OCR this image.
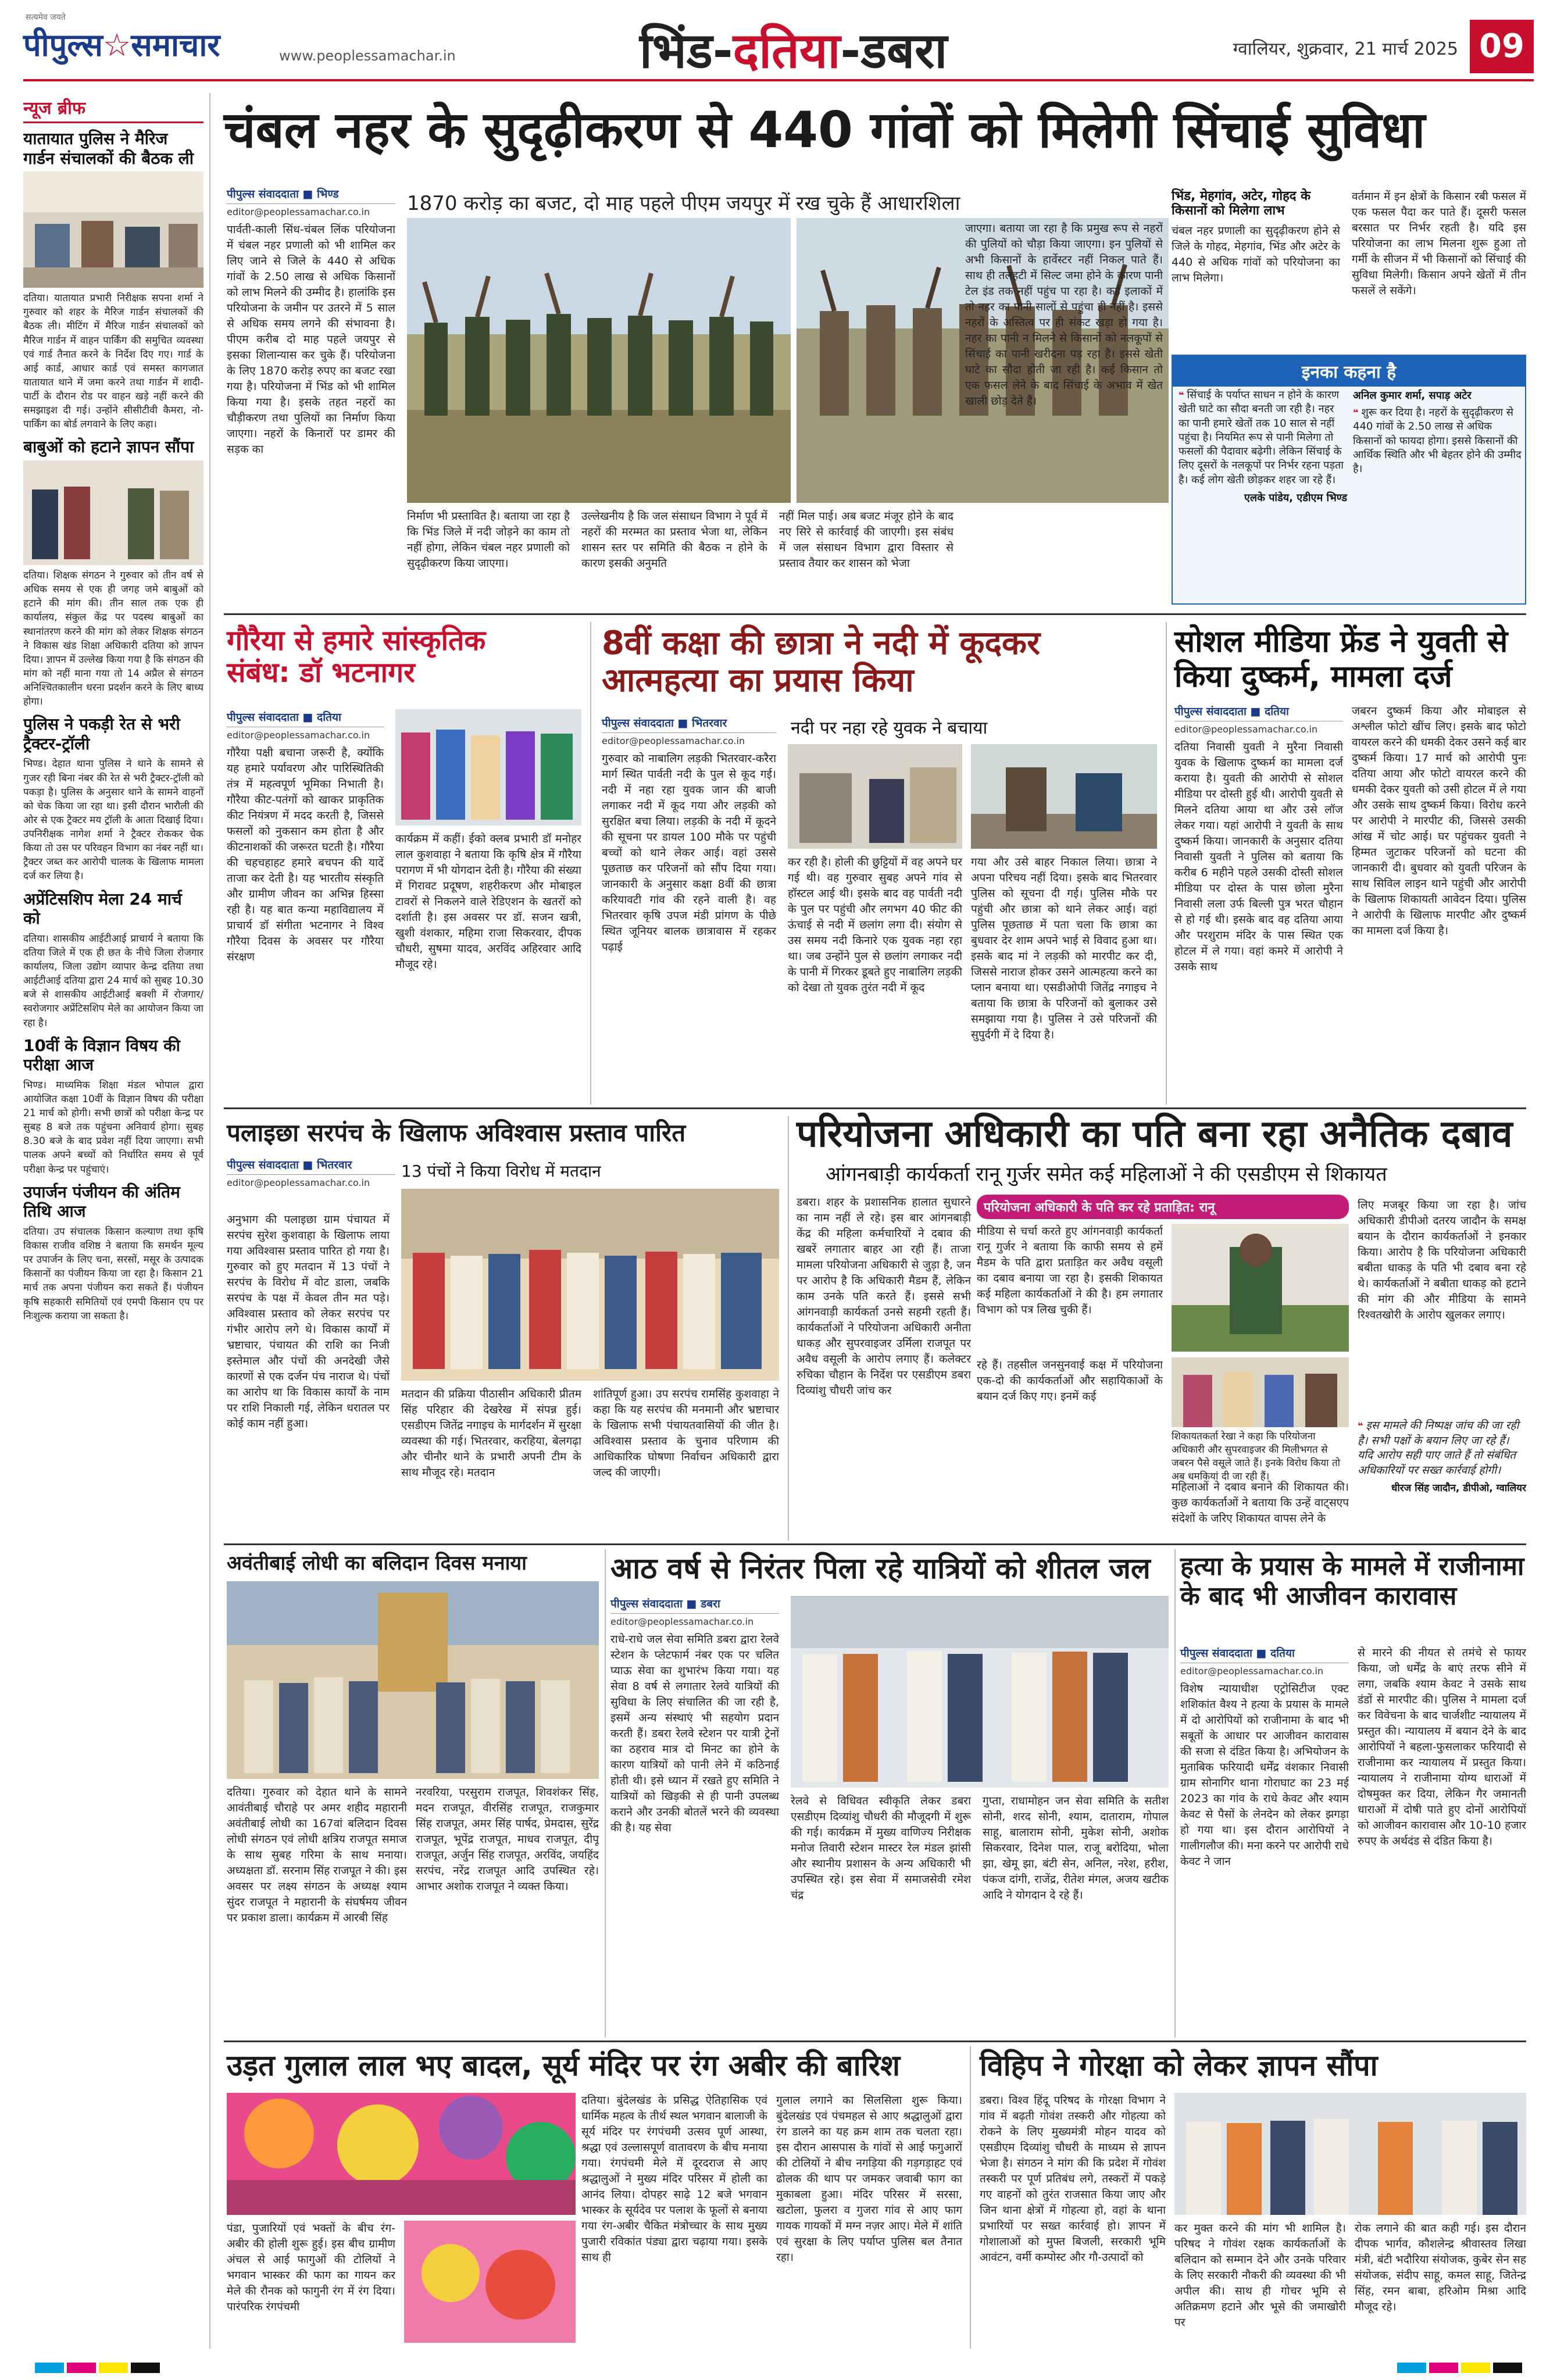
सत्यमेव जयते
पीपुल्स☆समाचार	www.peoplessamachar.in	भिंड-दतिया-डबरा	ग्वालियर, शुक्रवार, 21 मार्च 2025 09
न्यूज ब्रीफ
यातायात पुलिस ने मैरिज गार्डन संचालकों की बैठक ली
दतिया। यातायात प्रभारी निरीक्षक सपना शर्मा ने गुरुवार को शहर के मैरिज गार्डन संचालकों की बैठक ली। मीटिंग में मैरिज गार्डन संचालकों को मैरिज गार्डन में वाहन पार्किंग की समुचित व्यवस्था एवं गार्ड तैनात करने के निर्देश दिए गए। गार्ड के आई कार्ड, आधार कार्ड एवं समस्त कागजात यातायात थाने में जमा करने तथा गार्डन में शादी-पार्टी के दौरान रोड पर वाहन खड़े नहीं करने की समझाइश दी गई। उन्होंने सीसीटीवी कैमरा, नो-पार्किंग का बोर्ड लगवाने के लिए कहा।
बाबुओं को हटाने ज्ञापन सौंपा
दतिया। शिक्षक संगठन ने गुरुवार को तीन वर्ष से अधिक समय से एक ही जगह जमे बाबुओं को हटाने की मांग की। तीन साल तक एक ही कार्यालय, संकुल केंद्र पर पदस्थ बाबुओं का स्थानांतरण करने की मांग को लेकर शिक्षक संगठन ने विकास खंड शिक्षा अधिकारी दतिया को ज्ञापन दिया। ज्ञापन में उल्लेख किया गया है कि संगठन की मांग को नहीं माना गया तो 14 अप्रैल से संगठन अनिश्चितकालीन धरना प्रदर्शन करने के लिए बाध्य होगा।
पुलिस ने पकड़ी रेत से भरी ट्रैक्टर-ट्रॉली
भिण्ड। देहात थाना पुलिस ने थाने के सामने से गुजर रही बिना नंबर की रेत से भरी ट्रैक्टर-ट्रॉली को पकड़ा है। पुलिस के अनुसार थाने के सामने वाहनों को चेक किया जा रहा था। इसी दौरान भारौली की ओर से एक ट्रैक्टर मय ट्रॉली के आता दिखाई दिया। उपनिरीक्षक नागेश शर्मा ने ट्रैक्टर रोककर चेक किया तो उस पर परिवहन विभाग का नंबर नहीं था। ट्रैक्टर जब्त कर आरोपी चालक के खिलाफ मामला दर्ज कर लिया है।
अप्रेंटिसशिप मेला 24 मार्च को
दतिया। शासकीय आईटीआई प्राचार्य ने बताया कि दतिया जिले में एक ही छत के नीचे जिला रोजगार कार्यालय, जिला उद्योग व्यापार केन्द्र दतिया तथा आईटीआई दतिया द्वारा 24 मार्च को सुबह 10.30 बजे से शासकीय आईटीआई बक्शी में रोजगार/स्वरोजगार अप्रेंटिसशिप मेले का आयोजन किया जा रहा है।
10वीं के विज्ञान विषय की परीक्षा आज
भिण्ड। माध्यमिक शिक्षा मंडल भोपाल द्वारा आयोजित कक्षा 10वीं के विज्ञान विषय की परीक्षा 21 मार्च को होगी। सभी छात्रों को परीक्षा केन्द्र पर सुबह 8 बजे तक पहुंचना अनिवार्य होगा। सुबह 8.30 बजे के बाद प्रवेश नहीं दिया जाएगा। सभी पालक अपने बच्चों को निर्धारित समय से पूर्व परीक्षा केन्द्र पर पहुंचाएं।
उपार्जन पंजीयन की अंतिम तिथि आज
दतिया। उप संचालक किसान कल्याण तथा कृषि विकास राजीव वशिष्ठ ने बताया कि समर्थन मूल्य पर उपार्जन के लिए चना, सरसों, मसूर के उत्पादक किसानों का पंजीयन किया जा रहा है। किसान 21 मार्च तक अपना पंजीयन करा सकते हैं। पंजीयन कृषि सहकारी समितियों एवं एमपी किसान एप पर निःशुल्क कराया जा सकता है।
चंबल नहर के सुदृढ़ीकरण से 440 गांवों को मिलेगी सिंचाई सुविधा
पीपुल्स संवाददाता ■ भिण्ड
editor@peoplessamachar.co.in
पार्वती-काली सिंध-चंबल लिंक परियोजना में चंबल नहर प्रणाली को भी शामिल कर लिए जाने से जिले के 440 से अधिक गांवों के 2.50 लाख से अधिक किसानों को लाभ मिलने की उम्मीद है। हालांकि इस परियोजना के जमीन पर उतरने में 5 साल से अधिक समय लगने की संभावना है। पीएम करीब दो माह पहले जयपुर से इसका शिलान्यास कर चुके हैं। परियोजना के लिए 1870 करोड़ रुपए का बजट रखा गया है। परियोजना में भिंड को भी शामिल किया गया है। इसके तहत नहरों का चौड़ीकरण तथा पुलियों का निर्माण किया जाएगा। नहरों के किनारों पर डामर की सड़क का
1870 करोड़ का बजट, दो माह पहले पीएम जयपुर में रख चुके हैं आधारशिला
निर्माण भी प्रस्तावित है। बताया जा रहा है कि भिंड जिले में नदी जोड़ने का काम तो नहीं होगा, लेकिन चंबल नहर प्रणाली को सुदृढ़ीकरण किया जाएगा।
उल्लेखनीय है कि जल संसाधन विभाग ने पूर्व में नहरों की मरम्मत का प्रस्ताव भेजा था, लेकिन शासन स्तर पर समिति की बैठक न होने के कारण इसकी अनुमति
नहीं मिल पाई। अब बजट मंजूर होने के बाद नए सिरे से कार्रवाई की जाएगी। इस संबंध में जल संसाधन विभाग द्वारा विस्तार से प्रस्ताव तैयार कर शासन को भेजा
जाएगा। बताया जा रहा है कि प्रमुख रूप से नहरों की पुलियों को चौड़ा किया जाएगा। इन पुलियों से अभी किसानों के हार्वेस्टर नहीं निकल पाते हैं। साथ ही तलहटी में सिल्ट जमा होने के कारण पानी टेल इंड तक नहीं पहुंच पा रहा है। कई इलाकों में तो नहर का पानी सालों से पहुंचा ही नहीं है। इससे नहरों के अस्तित्व पर ही संकट खड़ा हो गया है। नहर का पानी न मिलने से किसानों को नलकूपों से सिंचाई का पानी खरीदना पड़ रहा है। इससे खेती घाटे का सौदा होती जा रही है। कई किसान तो एक फसल लेने के बाद सिंचाई के अभाव में खेत खाली छोड़ देते हैं।
भिंड, मेहगांव, अटेर, गोहद के किसानों को मिलेगा लाभ
चंबल नहर प्रणाली का सुदृढ़ीकरण होने से जिले के गोहद, मेहगांव, भिंड और अटेर के 440 से अधिक गांवों को परियोजना का लाभ मिलेगा।
वर्तमान में इन क्षेत्रों के किसान रबी फसल में एक फसल पैदा कर पाते हैं। दूसरी फसल बरसात पर निर्भर रहती है। यदि इस परियोजना का लाभ मिलना शुरू हुआ तो गर्मी के सीजन में भी किसानों को सिंचाई की सुविधा मिलेगी। किसान अपने खेतों में तीन फसलें ले सकेंगे।
इनका कहना है
❝ सिंचाई के पर्याप्त साधन न होने के कारण खेती घाटे का सौदा बनती जा रही है। नहर का पानी हमारे खेतों तक 10 साल से नहीं पहुंचा है। नियमित रूप से पानी मिलेगा तो फसलों की पैदावार बढ़ेगी। लेकिन सिंचाई के लिए दूसरों के नलकूपों पर निर्भर रहना पड़ता है। कई लोग खेती छोड़कर शहर जा रहे हैं।
एलके पांडेय, एडीएम भिण्ड
अनिल कुमार शर्मा, सपाड़ अटेर
❝ शुरू कर दिया है। नहरों के सुदृढ़ीकरण से 440 गांवों के 2.50 लाख से अधिक किसानों को फायदा होगा। इससे किसानों की आर्थिक स्थिति और भी बेहतर होने की उम्मीद है।
गौरैया से हमारे सांस्कृतिक संबंध: डॉ भटनागर
पीपुल्स संवाददाता ■ दतिया
editor@peoplessamachar.co.in
गौरैया पक्षी बचाना जरूरी है, क्योंकि यह हमारे पर्यावरण और पारिस्थितिकी तंत्र में महत्वपूर्ण भूमिका निभाती है। गौरैया कीट-पतंगों को खाकर प्राकृतिक कीट नियंत्रण में मदद करती है, जिससे फसलों को नुकसान कम होता है और कीटनाशकों की जरूरत घटती है। गौरैया की चहचहाहट हमारे बचपन की यादें ताजा कर देती है। यह भारतीय संस्कृति और ग्रामीण जीवन का अभिन्न हिस्सा रही है। यह बात कन्या महाविद्यालय में प्राचार्य डॉ संगीता भटनागर ने विश्व गौरैया दिवस के अवसर पर गौरैया संरक्षण
कार्यक्रम में कहीं। ईको क्लब प्रभारी डॉ मनोहर लाल कुशवाहा ने बताया कि कृषि क्षेत्र में गौरैया परागण में भी योगदान देती है। गौरैया की संख्या में गिरावट प्रदूषण, शहरीकरण और मोबाइल टावरों से निकलने वाले रेडिएशन के खतरों को दर्शाती है। इस अवसर पर डॉ. सजन खत्री, खुशी वंशकार, महिमा राजा सिकरवार, दीपक चौधरी, सुषमा यादव, अरविंद अहिरवार आदि मौजूद रहे।
8वीं कक्षा की छात्रा ने नदी में कूदकर आत्महत्या का प्रयास किया
नदी पर नहा रहे युवक ने बचाया
पीपुल्स संवाददाता ■ भितरवार
editor@peoplessamachar.co.in
गुरुवार को नाबालिग लड़की भितरवार-करैरा मार्ग स्थित पार्वती नदी के पुल से कूद गई। नदी में नहा रहा युवक जान की बाजी लगाकर नदी में कूद गया और लड़की को सुरक्षित बचा लिया। लड़की के नदी में कूदने की सूचना पर डायल 100 मौके पर पहुंची बच्चों को थाने लेकर आई। वहां उससे पूछताछ कर परिजनों को सौंप दिया गया। जानकारी के अनुसार कक्षा 8वीं की छात्रा करियावटी गांव की रहने वाली है। वह भितरवार कृषि उपज मंडी प्रांगण के पीछे स्थित जूनियर बालक छात्रावास में रहकर पढ़ाई
कर रही है। होली की छुट्टियों में वह अपने घर गई थी। वह गुरुवार सुबह अपने गांव से हॉस्टल आई थी। इसके बाद वह पार्वती नदी के पुल पर पहुंची और लगभग 40 फीट की ऊंचाई से नदी में छलांग लगा दी। संयोग से उस समय नदी किनारे एक युवक नहा रहा था। जब उन्होंने पुल से छलांग लगाकर नदी के पानी में गिरकर डूबते हुए नाबालिग लड़की को देखा तो युवक तुरंत नदी में कूद
गया और उसे बाहर निकाल लिया। छात्रा ने अपना परिचय नहीं दिया। इसके बाद भितरवार पुलिस को सूचना दी गई। पुलिस मौके पर पहुंची और छात्रा को थाने लेकर आई। वहां पुलिस पूछताछ में पता चला कि छात्रा का बुधवार देर शाम अपने भाई से विवाद हुआ था। इसके बाद मां ने लड़की को मारपीट कर दी, जिससे नाराज होकर उसने आत्महत्या करने का प्लान बनाया था। एसडीओपी जितेंद्र नगाइच ने बताया कि छात्रा के परिजनों को बुलाकर उसे समझाया गया है। पुलिस ने उसे परिजनों की सुपुर्दगी में दे दिया है।
सोशल मीडिया फ्रेंड ने युवती से किया दुष्कर्म, मामला दर्ज
पीपुल्स संवाददाता ■ दतिया
editor@peoplessamachar.co.in
दतिया निवासी युवती ने मुरैना निवासी युवक के खिलाफ दुष्कर्म का मामला दर्ज कराया है। युवती की आरोपी से सोशल मीडिया पर दोस्ती हुई थी। आरोपी युवती से मिलने दतिया आया था और उसे लॉज लेकर गया। यहां आरोपी ने युवती के साथ दुष्कर्म किया। जानकारी के अनुसार दतिया निवासी युवती ने पुलिस को बताया कि करीब 6 महीने पहले उसकी दोस्ती सोशल मीडिया पर दोस्त के पास छोला मुरैना निवासी लला उर्फ बिल्ली पुत्र भरत चौहान से हो गई थी। इसके बाद वह दतिया आया और परशुराम मंदिर के पास स्थित एक होटल में ले गया। वहां कमरे में आरोपी ने उसके साथ
जबरन दुष्कर्म किया और मोबाइल से अश्लील फोटो खींच लिए। इसके बाद फोटो वायरल करने की धमकी देकर उसने कई बार दुष्कर्म किया। 17 मार्च को आरोपी पुनः दतिया आया और फोटो वायरल करने की धमकी देकर युवती को उसी होटल में ले गया और उसके साथ दुष्कर्म किया। विरोध करने पर आरोपी ने मारपीट की, जिससे उसकी आंख में चोट आई। घर पहुंचकर युवती ने हिम्मत जुटाकर परिजनों को घटना की जानकारी दी। बुधवार को युवती परिजन के साथ सिविल लाइन थाने पहुंची और आरोपी के खिलाफ शिकायती आवेदन दिया। पुलिस ने आरोपी के खिलाफ मारपीट और दुष्कर्म का मामला दर्ज किया है।
पलाइछा सरपंच के खिलाफ अविश्वास प्रस्ताव पारित
पीपुल्स संवाददाता ■ भितरवार
editor@peoplessamachar.co.in
13 पंचों ने किया विरोध में मतदान
अनुभाग की पलाइछा ग्राम पंचायत में सरपंच सुरेश कुशवाहा के खिलाफ लाया गया अविश्वास प्रस्ताव पारित हो गया है। गुरुवार को हुए मतदान में 13 पंचों ने सरपंच के विरोध में वोट डाला, जबकि सरपंच के पक्ष में केवल तीन मत पड़े। अविश्वास प्रस्ताव को लेकर सरपंच पर गंभीर आरोप लगे थे। विकास कार्यों में भ्रष्टाचार, पंचायत की राशि का निजी इस्तेमाल और पंचों की अनदेखी जैसे कारणों से एक दर्जन पंच नाराज थे। पंचों का आरोप था कि विकास कार्यों के नाम पर राशि निकाली गई, लेकिन धरातल पर कोई काम नहीं हुआ।
मतदान की प्रक्रिया पीठासीन अधिकारी प्रीतम सिंह परिहार की देखरेख में संपन्न हुई। एसडीएम जितेंद्र नगाइच के मार्गदर्शन में सुरक्षा व्यवस्था की गई। भितरवार, करहिया, बेलगढ़ा और चीनौर थाने के प्रभारी अपनी टीम के साथ मौजूद रहे। मतदान
शांतिपूर्ण हुआ। उप सरपंच रामसिंह कुशवाहा ने कहा कि यह सरपंच की मनमानी और भ्रष्टाचार के खिलाफ सभी पंचायतवासियों की जीत है। अविश्वास प्रस्ताव के चुनाव परिणाम की आधिकारिक घोषणा निर्वाचन अधिकारी द्वारा जल्द की जाएगी।
परियोजना अधिकारी का पति बना रहा अनैतिक दबाव
आंगनबाड़ी कार्यकर्ता रानू गुर्जर समेत कई महिलाओं ने की एसडीएम से शिकायत
डबरा। शहर के प्रशासनिक हालात सुधारने का नाम नहीं ले रहे। इस बार आंगनबाड़ी केंद्र की महिला कर्मचारियों ने दबाव की खबरें लगातार बाहर आ रही हैं। ताजा मामला परियोजना अधिकारी से जुड़ा है, जन पर आरोप है कि अधिकारी मैडम हैं, लेकिन काम उनके पति करते हैं। इससे सभी आंगनवाड़ी कार्यकर्ता उनसे सहमी रहती हैं। कार्यकर्ताओं ने परियोजना अधिकारी अनीता धाकड़ और सुपरवाइजर उर्मिला राजपूत पर अवैध वसूली के आरोप लगाए हैं। कलेक्टर रुचिका चौहान के निर्देश पर एसडीएम डबरा दिव्यांशु चौधरी जांच कर
परियोजना अधिकारी के पति कर रहे प्रताड़ित: रानू
मीडिया से चर्चा करते हुए आंगनवाड़ी कार्यकर्ता रानू गुर्जर ने बताया कि काफी समय से हमें मैडम के पति द्वारा प्रताड़ित कर अवैध वसूली का दबाव बनाया जा रहा है। इसकी शिकायत कई महिला कार्यकर्ताओं ने की है। हम लगातार विभाग को पत्र लिख चुकी हैं।
रहे हैं। तहसील जनसुनवाई कक्ष में परियोजना एक-दो की कार्यकर्ताओं और सहायिकाओं के बयान दर्ज किए गए। इनमें कई
शिकायतकर्ता रेखा ने कहा कि परियोजना अधिकारी और सुपरवाइजर की मिलीभगत से जबरन पैसे वसूले जाते हैं। इनके विरोध किया तो अब धमकियां दी जा रही हैं।
महिलाओं ने दबाव बनाने की शिकायत की। कुछ कार्यकर्ताओं ने बताया कि उन्हें वाट्सएप संदेशों के जरिए शिकायत वापस लेने के
लिए मजबूर किया जा रहा है। जांच अधिकारी डीपीओ दतरय जादौन के समक्ष बयान के दौरान कार्यकर्ताओं ने इनकार किया। आरोप है कि परियोजना अधिकारी बबीता धाकड़ के पति भी दबाव बना रहे थे। कार्यकर्ताओं ने बबीता धाकड़ को हटाने की मांग की और मीडिया के सामने रिश्वतखोरी के आरोप खुलकर लगाए।
❝ इस मामले की निष्पक्ष जांच की जा रही है। सभी पक्षों के बयान लिए जा रहे हैं। यदि आरोप सही पाए जाते हैं तो संबंधित अधिकारियों पर सख्त कार्रवाई होगी।
धीरज सिंह जादौन, डीपीओ, ग्वालियर
अवंतीबाई लोधी का बलिदान दिवस मनाया
दतिया। गुरुवार को देहात थाने के सामने आवंतीबाई चौराहे पर अमर शहीद महारानी अवंतीबाई लोधी का 167वां बलिदान दिवस लोधी संगठन एवं लोधी क्षत्रिय राजपूत समाज के साथ सुबह गरिमा के साथ मनाया। अध्यक्षता डॉ. सरनाम सिंह राजपूत ने की। इस अवसर पर लक्ष्य संगठन के अध्यक्ष श्याम सुंदर राजपूत ने महारानी के संघर्षमय जीवन पर प्रकाश डाला। कार्यक्रम में आरबी सिंह
नरवरिया, परसुराम राजपूत, शिवशंकर सिंह, मदन राजपूत, वीरसिंह राजपूत, राजकुमार सिंह राजपूत, अमर सिंह पार्षद, प्रेमदास, सुरेंद्र राजपूत, भूपेंद्र राजपूत, माधव राजपूत, दीपू राजपूत, अर्जुन सिंह राजपूत, अरविंद, जयहिंद सरपंच, नरेंद्र राजपूत आदि उपस्थित रहे। आभार अशोक राजपूत ने व्यक्त किया।
आठ वर्ष से निरंतर पिला रहे यात्रियों को शीतल जल
पीपुल्स संवाददाता ■ डबरा
editor@peoplessamachar.co.in
राधे-राधे जल सेवा समिति डबरा द्वारा रेलवे स्टेशन के प्लेटफार्म नंबर एक पर चलित प्याऊ सेवा का शुभारंभ किया गया। यह सेवा 8 वर्ष से लगातार रेलवे यात्रियों की सुविधा के लिए संचालित की जा रही है, इसमें अन्य संस्थाएं भी सहयोग प्रदान करती हैं। डबरा रेलवे स्टेशन पर यात्री ट्रेनों का ठहराव मात्र दो मिनट का होने के कारण यात्रियों को पानी लेने में कठिनाई होती थी। इसे ध्यान में रखते हुए समिति ने यात्रियों को खिड़की से ही पानी उपलब्ध कराने और उनकी बोतलें भरने की व्यवस्था की है। यह सेवा
रेलवे से विधिवत स्वीकृति लेकर डबरा एसडीएम दिव्यांशु चौधरी की मौजूदगी में शुरू की गई। कार्यक्रम में मुख्य वाणिज्य निरीक्षक मनोज तिवारी स्टेशन मास्टर रेल मंडल झांसी और स्थानीय प्रशासन के अन्य अधिकारी भी उपस्थित रहे। इस सेवा में समाजसेवी रमेश चंद्र
गुप्ता, राधामोहन जन सेवा समिति के सतीश सोनी, शरद सोनी, श्याम, दाताराम, गोपाल साहू, बालाराम सोनी, मुकेश सोनी, अशोक सिकरवार, दिनेश पाल, राजू बरोदिया, भोला झा, खेमू झा, बंटी सेन, अनिल, नरेश, हरीश, पंकज दांगी, राजेंद्र, रीतेश मंगल, अजय खटीक आदि ने योगदान दे रहे हैं।
हत्या के प्रयास के मामले में राजीनामा के बाद भी आजीवन कारावास
पीपुल्स संवाददाता ■ दतिया
editor@peoplessamachar.co.in
विशेष न्यायाधीश एट्रोसिटीज एक्ट शशिकांत वैश्य ने हत्या के प्रयास के मामले में दो आरोपियों को राजीनामा के बाद भी सबूतों के आधार पर आजीवन कारावास की सजा से दंडित किया है। अभियोजन के मुताबिक फरियादी धर्मेंद्र वंशकार निवासी ग्राम सोनागिर थाना गोराघाट का 23 मई 2023 का गांव के राधे केवट और श्याम केवट से पैसों के लेनदेन को लेकर झगड़ा हो गया था। इस दौरान आरोपियों ने गालीगलौज की। मना करने पर आरोपी राधे केवट ने जान
से मारने की नीयत से तमंचे से फायर किया, जो धर्मेंद्र के बाएं तरफ सीने में लगा, जबकि श्याम केवट ने उसके साथ डंडों से मारपीट की। पुलिस ने मामला दर्ज कर विवेचना के बाद चार्जशीट न्यायालय में प्रस्तुत की। न्यायालय में बयान देने के बाद आरोपियों ने बहला-फुसलाकर फरियादी से राजीनामा कर न्यायालय में प्रस्तुत किया। न्यायालय ने राजीनामा योग्य धाराओं में दोषमुक्त कर दिया, लेकिन गैर जमानती धाराओं में दोषी पाते हुए दोनों आरोपियों को आजीवन कारावास और 10-10 हजार रुपए के अर्थदंड से दंडित किया है।
उड़त गुलाल लाल भए बादल, सूर्य मंदिर पर रंग अबीर की बारिश
दतिया। बुंदेलखंड के प्रसिद्ध ऐतिहासिक एवं धार्मिक महत्व के तीर्थ स्थल भगवान बालाजी के सूर्य मंदिर पर रंगपंचमी उत्सव पूर्ण आस्था, श्रद्धा एवं उल्लासपूर्ण वातावरण के बीच मनाया गया। रंगपंचमी मेले में दूरदराज से आए श्रद्धालुओं ने मुख्य मंदिर परिसर में होली का आनंद लिया। दोपहर साढ़े 12 बजे भगवान भास्कर के सूर्यदेव पर पलाश के फूलों से बनाया गया रंग-अबीर चैकित मंत्रोच्चार के साथ मुख्य पुजारी रविकांत पंड्या द्वारा चढ़ाया गया। इसके साथ ही
पंडा, पुजारियों एवं भक्तों के बीच रंग-अबीर की होली शुरू हुई। इस बीच ग्रामीण अंचल से आई फागुओं की टोलियों ने भगवान भास्कर की फाग का गायन कर मेले की रौनक को फागुनी रंग में रंग दिया। पारंपरिक रंगपंचमी
गुलाल लगाने का सिलसिला शुरू किया। बुंदेलखंड एवं पंचमहल से आए श्रद्धालुओं द्वारा रंग डालने का यह क्रम शाम तक चलता रहा। इस दौरान आसपास के गांवों से आई फगुआरों की टोलियों ने बीच नगड़िया की गड़गड़ाहट एवं ढोलक की थाप पर जमकर जवाबी फाग का मुकाबला हुआ। मंदिर परिसर में सरसा, खटोला, फुलरा व गुजरा गांव से आए फाग गायक गायकों में मग्न नज़र आए। मेले में शांति एवं सुरक्षा के लिए पर्याप्त पुलिस बल तैनात रहा।
विहिप ने गोरक्षा को लेकर ज्ञापन सौंपा
डबरा। विश्व हिंदू परिषद के गोरक्षा विभाग ने गांव में बढ़ती गोवंश तस्करी और गोहत्या को रोकने के लिए मुख्यमंत्री मोहन यादव को एसडीएम दिव्यांशु चौधरी के माध्यम से ज्ञापन भेजा है। संगठन ने मांग की कि प्रदेश में गोवंश तस्करी पर पूर्ण प्रतिबंध लगे, तस्करों में पकड़े गए वाहनों को तुरंत राजसात किया जाए और जिन थाना क्षेत्रों में गोहत्या हो, वहां के थाना प्रभारियों पर सख्त कार्रवाई हो। ज्ञापन में गोशालाओं को मुफ्त बिजली, सरकारी भूमि आवंटन, वर्मी कम्पोस्ट और गौ-उत्पादों को
कर मुक्त करने की मांग भी शामिल है। परिषद ने गोवंश रक्षक कार्यकर्ताओं के बलिदान को सम्मान देने और उनके परिवार के लिए सरकारी नौकरी की व्यवस्था की भी अपील की। साथ ही गोचर भूमि से अतिक्रमण हटाने और भूसे की जमाखोरी पर
रोक लगाने की बात कही गई। इस दौरान दीपक भार्गव, कौशलेन्द्र श्रीवास्तव लिखा मंत्री, बंटी भदौरिया संयोजक, कुबेर सेन सह संयोजक, संदीप साहू, कमल साहू, जितेन्द्र सिंह, रमन बाबा, हरिओम मिश्रा आदि मौजूद रहे।
